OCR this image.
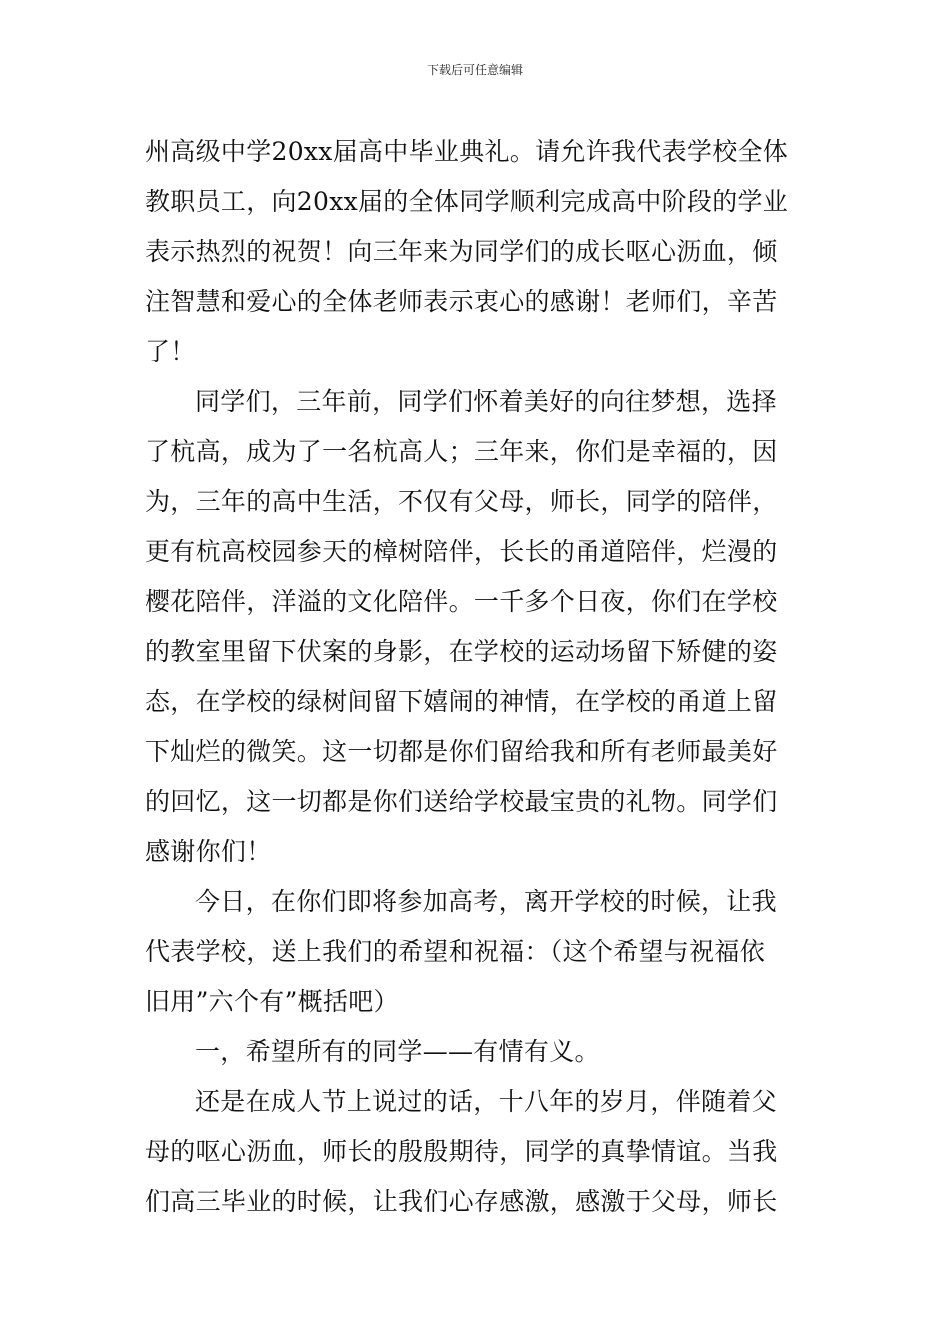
下载后可任意编辑
州高级中学20xx届高中毕业典礼。请允许我代表学校全体
教职员工，向20xx届的全体同学顺利完成高中阶段的学业
表示热烈的祝贺！向三年来为同学们的成长呕心沥血，倾
注智慧和爱心的全体老师表示衷心的感谢！老师们，辛苦
了！
同学们，三年前，同学们怀着美好的向往梦想，选择
了杭高，成为了一名杭高人；三年来，你们是幸福的，因
为，三年的高中生活，不仅有父母，师长，同学的陪伴，
更有杭高校园参天的樟树陪伴，长长的甬道陪伴，烂漫的
樱花陪伴，洋溢的文化陪伴。一千多个日夜，你们在学校
的教室里留下伏案的身影，在学校的运动场留下矫健的姿
态，在学校的绿树间留下嬉闹的神情，在学校的甬道上留
下灿烂的微笑。这一切都是你们留给我和所有老师最美好
的回忆，这一切都是你们送给学校最宝贵的礼物。同学们
感谢你们！
今日，在你们即将参加高考，离开学校的时候，让我
代表学校，送上我们的希望和祝福：（这个希望与祝福依
旧用”六个有”概括吧）
一，希望所有的同学——有情有义。
还是在成人节上说过的话，十八年的岁月，伴随着父
母的呕心沥血，师长的殷殷期待，同学的真挚情谊。当我
们高三毕业的时候，让我们心存感激，感激于父母，师长
